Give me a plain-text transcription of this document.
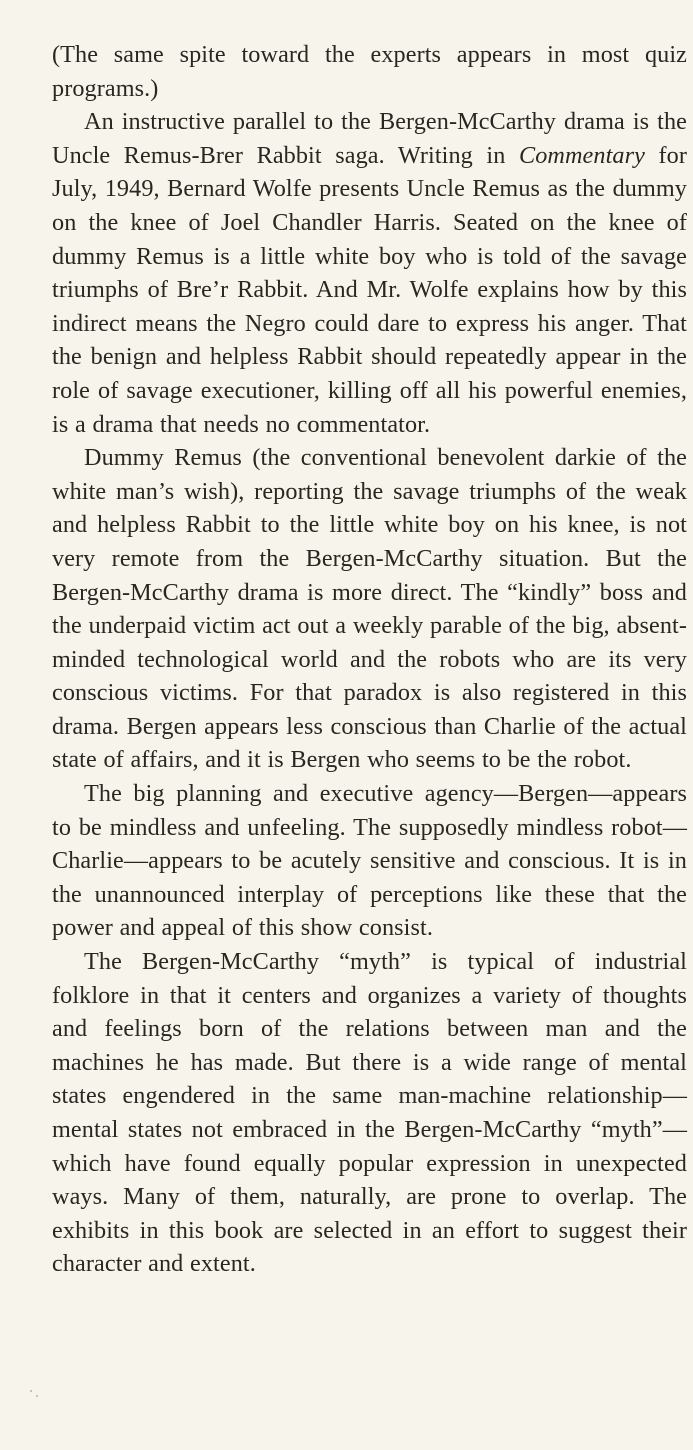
(The same spite toward the experts appears in most quiz programs.)

An instructive parallel to the Bergen-McCarthy drama is the Uncle Remus-Brer Rabbit saga. Writing in Commentary for July, 1949, Bernard Wolfe presents Uncle Remus as the dummy on the knee of Joel Chandler Harris. Seated on the knee of dummy Remus is a little white boy who is told of the savage triumphs of Bre’r Rabbit. And Mr. Wolfe explains how by this indirect means the Negro could dare to express his anger. That the benign and helpless Rabbit should repeatedly appear in the role of savage executioner, killing off all his powerful enemies, is a drama that needs no commentator.

Dummy Remus (the conventional benevolent darkie of the white man’s wish), reporting the savage triumphs of the weak and helpless Rabbit to the little white boy on his knee, is not very remote from the Bergen-McCarthy situation. But the Bergen-McCarthy drama is more direct. The “kindly” boss and the underpaid victim act out a weekly parable of the big, absent-minded technological world and the robots who are its very conscious victims. For that paradox is also registered in this drama. Bergen appears less conscious than Charlie of the actual state of affairs, and it is Bergen who seems to be the robot.

The big planning and executive agency—Bergen—appears to be mindless and unfeeling. The supposedly mindless robot—Charlie—appears to be acutely sensitive and conscious. It is in the unannounced interplay of perceptions like these that the power and appeal of this show consist.

The Bergen-McCarthy “myth” is typical of industrial folklore in that it centers and organizes a variety of thoughts and feelings born of the relations between man and the machines he has made. But there is a wide range of mental states engendered in the same man-machine relationship—mental states not embraced in the Bergen-McCarthy “myth”—which have found equally popular expression in unexpected ways. Many of them, naturally, are prone to overlap. The exhibits in this book are selected in an effort to suggest their character and extent.
